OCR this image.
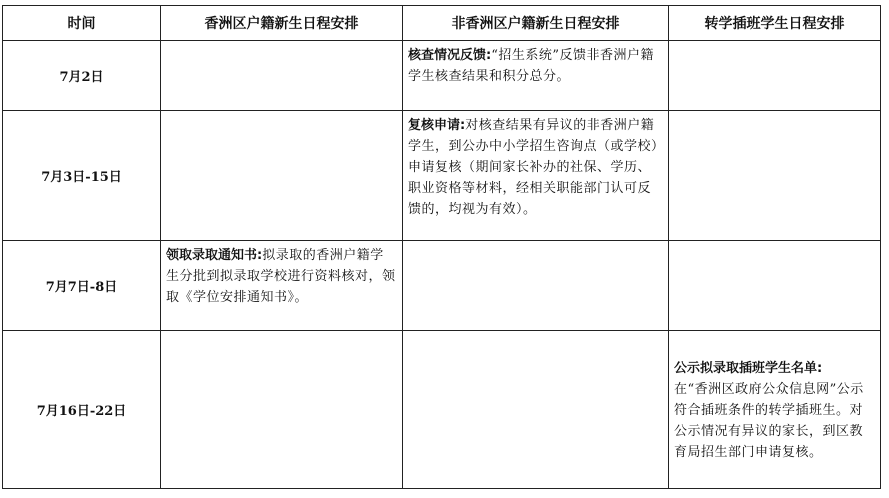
时间	香洲区户籍新生日程安排	非香洲区户籍新生日程安排	转学插班学生日程安排
7月2日		核查情况反馈:“招生系统”反馈非香洲户籍学生核查结果和积分总分。	
7月3日-15日		复核申请:对核查结果有异议的非香洲户籍学生，到公办中小学招生咨询点（或学校）申请复核（期间家长补办的社保、学历、职业资格等材料，经相关职能部门认可反馈的，均视为有效）。	
7月7日-8日	领取录取通知书:拟录取的香洲户籍学生分批到拟录取学校进行资料核对，领取《学位安排通知书》。		
7月16日-22日			公示拟录取插班学生名单:
在“香洲区政府公众信息网”公示符合插班条件的转学插班生。对公示情况有异议的家长，到区教育局招生部门申请复核。
